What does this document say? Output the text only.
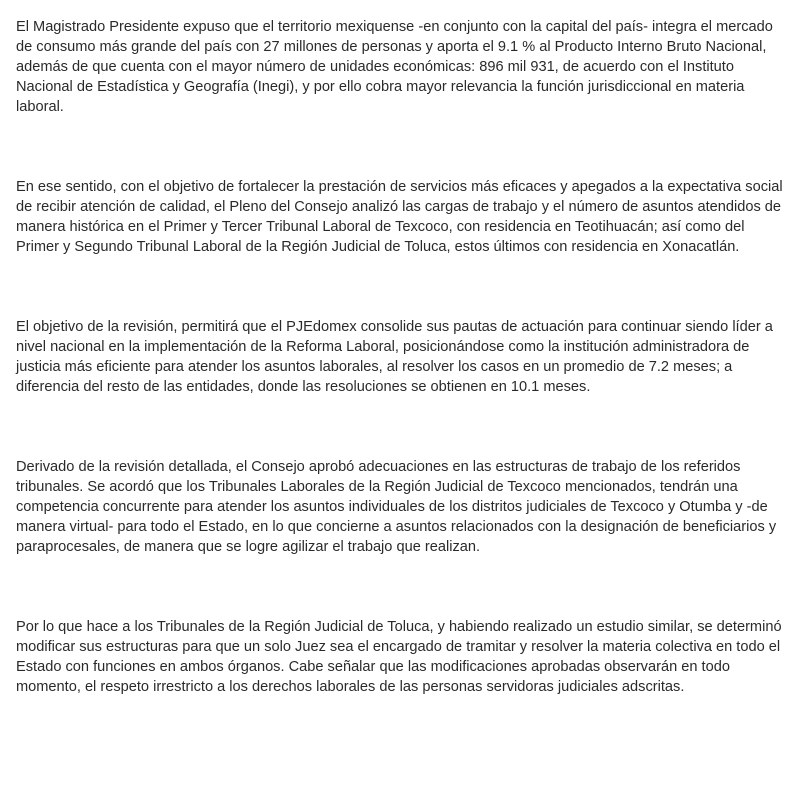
El Magistrado Presidente expuso que el territorio mexiquense -en conjunto con la capital del país- integra el mercado de consumo más grande del país con 27 millones de personas y aporta el 9.1 % al Producto Interno Bruto Nacional, además de que cuenta con el mayor número de unidades económicas: 896 mil 931, de acuerdo con el Instituto Nacional de Estadística y Geografía (Inegi), y por ello cobra mayor relevancia la función jurisdiccional en materia laboral.

En ese sentido, con el objetivo de fortalecer la prestación de servicios más eficaces y apegados a la expectativa social de recibir atención de calidad, el Pleno del Consejo analizó las cargas de trabajo y el número de asuntos atendidos de manera histórica en el Primer y Tercer Tribunal Laboral de Texcoco, con residencia en Teotihuacán; así como del Primer y Segundo Tribunal Laboral de la Región Judicial de Toluca, estos últimos con residencia en Xonacatlán.

El objetivo de la revisión, permitirá que el PJEdomex consolide sus pautas de actuación para continuar siendo líder a nivel nacional en la implementación de la Reforma Laboral, posicionándose como la institución administradora de justicia más eficiente para atender los asuntos laborales, al resolver los casos en un promedio de 7.2 meses; a diferencia del resto de las entidades, donde las resoluciones se obtienen en 10.1 meses.

Derivado de la revisión detallada, el Consejo aprobó adecuaciones en las estructuras de trabajo de los referidos tribunales. Se acordó que los Tribunales Laborales de la Región Judicial de Texcoco mencionados, tendrán una competencia concurrente para atender los asuntos individuales de los distritos judiciales de Texcoco y Otumba y -de manera virtual- para todo el Estado, en lo que concierne a asuntos relacionados con la designación de beneficiarios y paraprocesales, de manera que se logre agilizar el trabajo que realizan.

Por lo que hace a los Tribunales de la Región Judicial de Toluca, y habiendo realizado un estudio similar, se determinó modificar sus estructuras para que un solo Juez sea el encargado de tramitar y resolver la materia colectiva en todo el Estado con funciones en ambos órganos. Cabe señalar que las modificaciones aprobadas observarán en todo momento, el respeto irrestricto a los derechos laborales de las personas servidoras judiciales adscritas.
